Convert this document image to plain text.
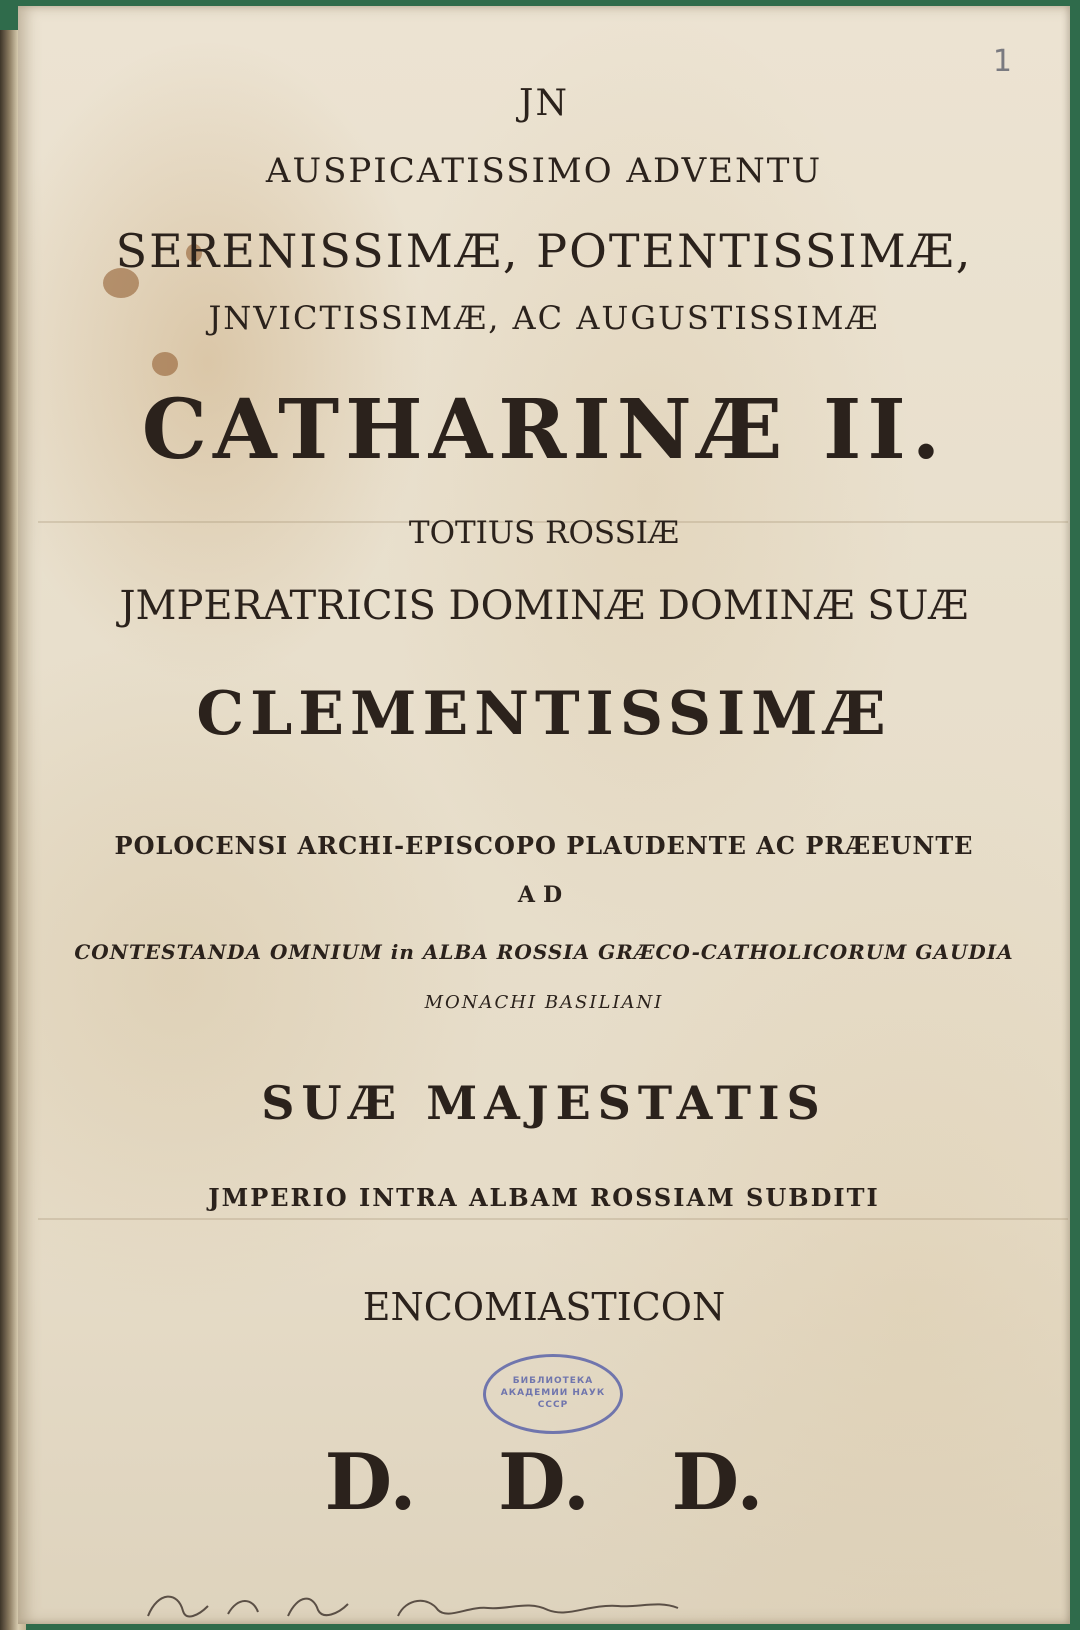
1
JN
AUSPICATISSIMO ADVENTU
SERENISSIMÆ, POTENTISSIMÆ,
JNVICTISSIMÆ, AC AUGUSTISSIMÆ
CATHARINÆ II.
TOTIUS ROSSIÆ
JMPERATRICIS DOMINÆ DOMINÆ SUÆ
CLEMENTISSIMÆ
POLOCENSI ARCHI-EPISCOPO PLAUDENTE AC PRÆEUNTE
AD
CONTESTANDA OMNIUM in ALBA ROSSIA GRÆCO-CATHOLICORUM GAUDIA
MONACHI BASILIANI
SUÆ MAJESTATIS
JMPERIO INTRA ALBAM ROSSIAM SUBDITI
ENCOMIASTICON
D.   D.   D.
БИБЛИОТЕКА
АКАДЕМИИ НАУК
СССР
